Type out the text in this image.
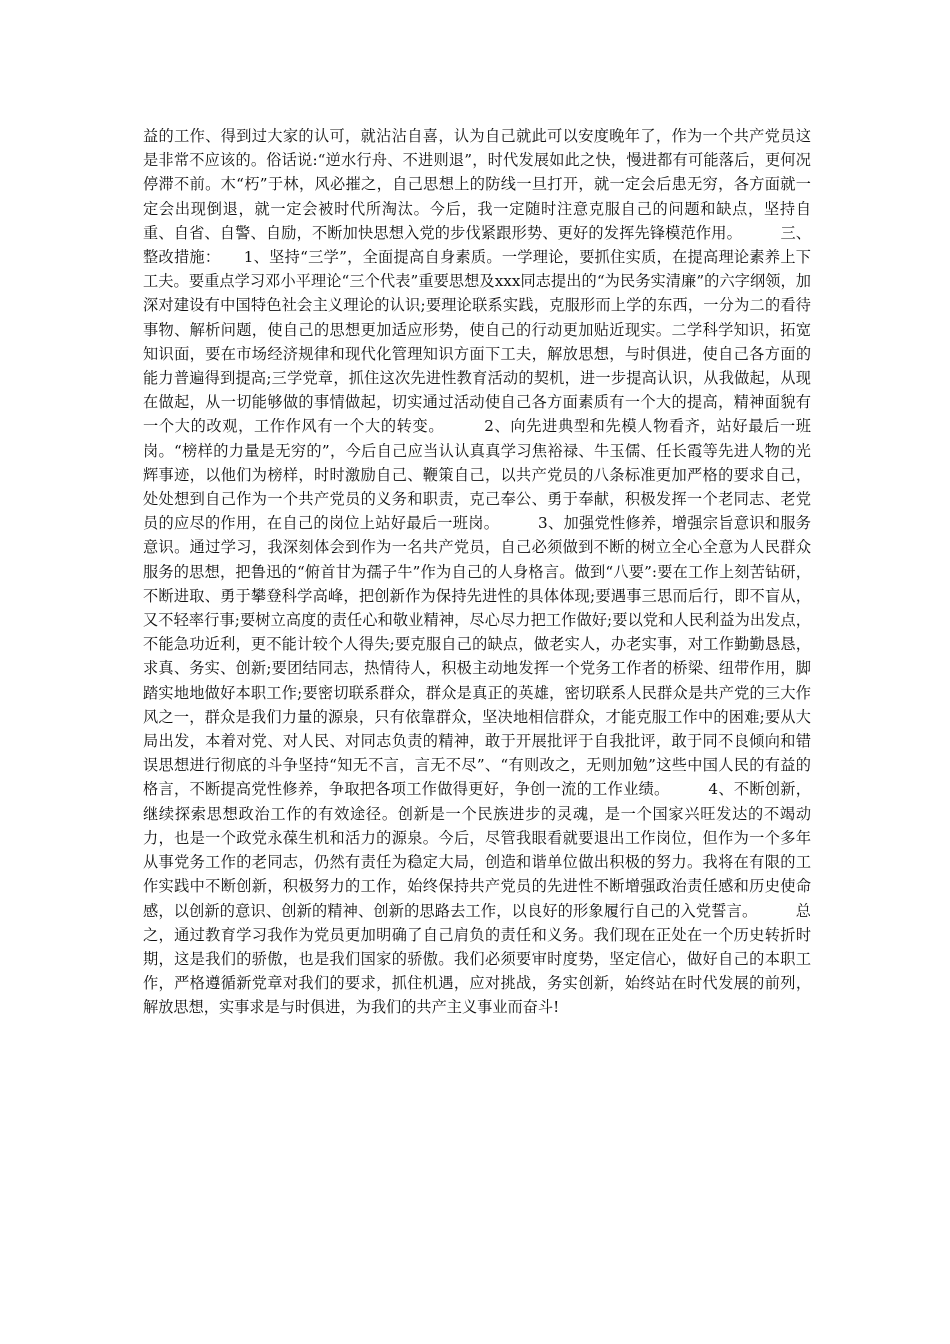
益的工作、得到过大家的认可，就沾沾自喜，认为自己就此可以安度晚年了，作为一个共产党员这是非常不应该的。俗话说:“逆水行舟、不进则退”，时代发展如此之快，慢进都有可能落后，更何况停滞不前。木“朽”于林，风必摧之，自己思想上的防线一旦打开，就一定会后患无穷，各方面就一定会出现倒退，就一定会被时代所淘汰。今后，我一定随时注意克服自己的问题和缺点，坚持自重、自省、自警、自励，不断加快思想入党的步伐紧跟形势、更好的发挥先锋模范作用。　　　三、整改措施：　　1、坚持“三学”，全面提高自身素质。一学理论，要抓住实质，在提高理论素养上下工夫。要重点学习邓小平理论“三个代表”重要思想及xxx同志提出的“为民务实清廉”的六字纲领，加深对建设有中国特色社会主义理论的认识;要理论联系实践，克服形而上学的东西，一分为二的看待事物、解析问题，使自己的思想更加适应形势，使自己的行动更加贴近现实。二学科学知识，拓宽知识面，要在市场经济规律和现代化管理知识方面下工夫，解放思想，与时俱进，使自己各方面的能力普遍得到提高;三学党章，抓住这次先进性教育活动的契机，进一步提高认识，从我做起，从现在做起，从一切能够做的事情做起，切实通过活动使自己各方面素质有一个大的提高，精神面貌有一个大的改观，工作作风有一个大的转变。　　　2、向先进典型和先模人物看齐，站好最后一班岗。“榜样的力量是无穷的”，今后自己应当认认真真学习焦裕禄、牛玉儒、任长霞等先进人物的光辉事迹，以他们为榜样，时时激励自己、鞭策自己，以共产党员的八条标准更加严格的要求自己，处处想到自己作为一个共产党员的义务和职责，克己奉公、勇于奉献，积极发挥一个老同志、老党员的应尽的作用，在自己的岗位上站好最后一班岗。　　　3、加强党性修养，增强宗旨意识和服务意识。通过学习，我深刻体会到作为一名共产党员，自己必须做到不断的树立全心全意为人民群众服务的思想，把鲁迅的“俯首甘为孺子牛”作为自己的人身格言。做到“八要”:要在工作上刻苦钻研，不断进取、勇于攀登科学高峰，把创新作为保持先进性的具体体现;要遇事三思而后行，即不盲从，又不轻率行事;要树立高度的责任心和敬业精神，尽心尽力把工作做好;要以党和人民利益为出发点，不能急功近利，更不能计较个人得失;要克服自己的缺点，做老实人，办老实事，对工作勤勤恳恳，求真、务实、创新;要团结同志，热情待人，积极主动地发挥一个党务工作者的桥梁、纽带作用，脚踏实地地做好本职工作;要密切联系群众，群众是真正的英雄，密切联系人民群众是共产党的三大作风之一，群众是我们力量的源泉，只有依靠群众，坚决地相信群众，才能克服工作中的困难;要从大局出发，本着对党、对人民、对同志负责的精神，敢于开展批评于自我批评，敢于同不良倾向和错误思想进行彻底的斗争坚持“知无不言，言无不尽”、“有则改之，无则加勉”这些中国人民的有益的格言，不断提高党性修养，争取把各项工作做得更好，争创一流的工作业绩。　　　4、不断创新，继续探索思想政治工作的有效途径。创新是一个民族进步的灵魂，是一个国家兴旺发达的不竭动力，也是一个政党永葆生机和活力的源泉。今后，尽管我眼看就要退出工作岗位，但作为一个多年从事党务工作的老同志，仍然有责任为稳定大局，创造和谐单位做出积极的努力。我将在有限的工作实践中不断创新，积极努力的工作，始终保持共产党员的先进性不断增强政治责任感和历史使命感，以创新的意识、创新的精神、创新的思路去工作，以良好的形象履行自己的入党誓言。　　　总之，通过教育学习我作为党员更加明确了自己肩负的责任和义务。我们现在正处在一个历史转折时期，这是我们的骄傲，也是我们国家的骄傲。我们必须要审时度势，坚定信心，做好自己的本职工作，严格遵循新党章对我们的要求，抓住机遇，应对挑战，务实创新，始终站在时代发展的前列，解放思想，实事求是与时俱进，为我们的共产主义事业而奋斗!
